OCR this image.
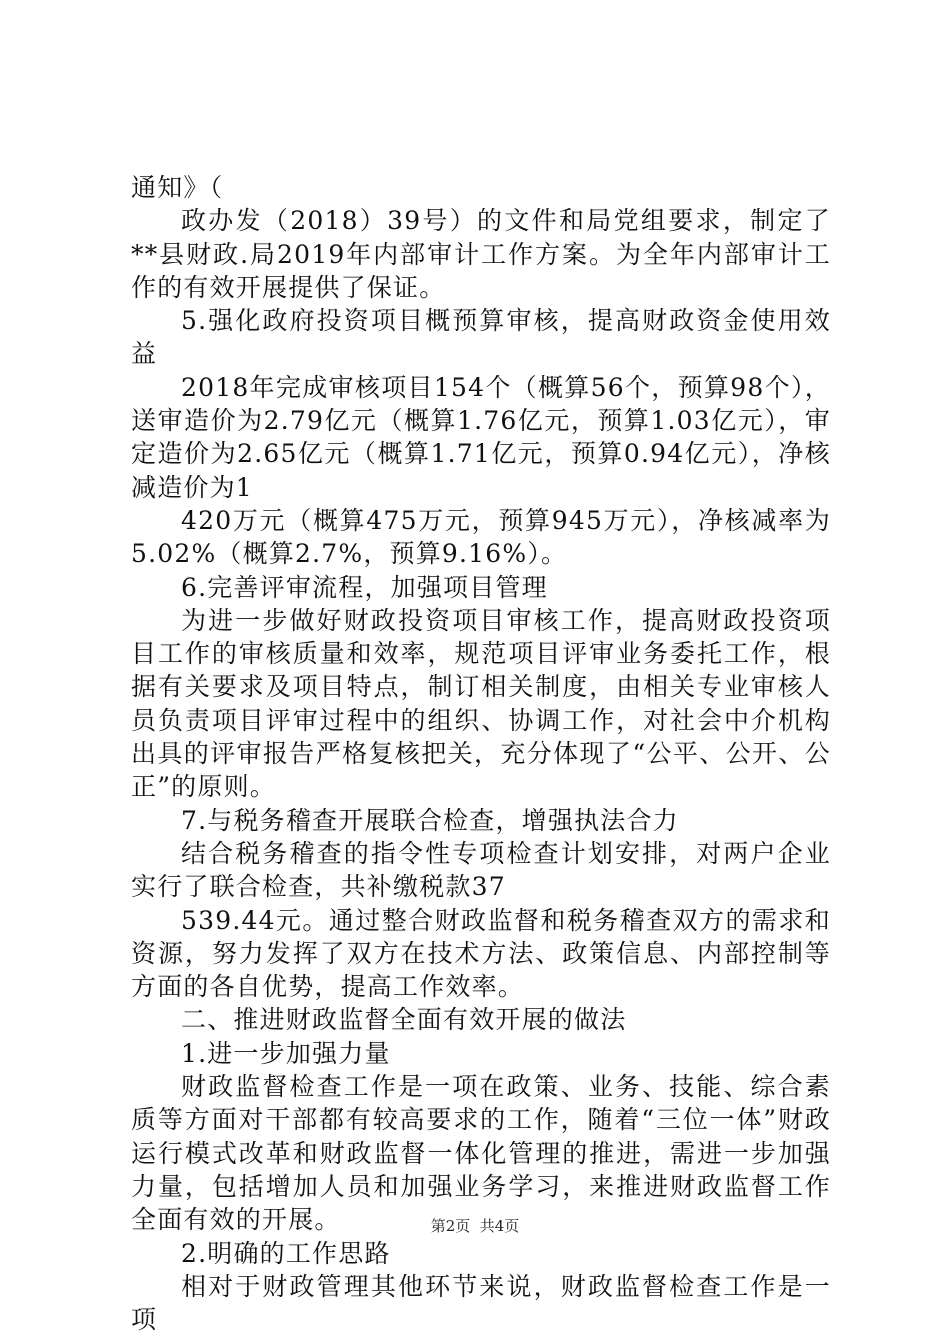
通知》（

政办发（2018）39号）的文件和局党组要求，制定了**县财政.局2019年内部审计工作方案。为全年内部审计工作的有效开展提供了保证。

5.强化政府投资项目概预算审核，提高财政资金使用效益

2018年完成审核项目154个（概算56个，预算98个），送审造价为2.79亿元（概算1.76亿元，预算1.03亿元），审定造价为2.65亿元（概算1.71亿元，预算0.94亿元），净核减造价为1

420万元（概算475万元，预算945万元），净核减率为5.02%（概算2.7%，预算9.16%）。

6.完善评审流程，加强项目管理

为进一步做好财政投资项目审核工作，提高财政投资项目工作的审核质量和效率，规范项目评审业务委托工作，根据有关要求及项目特点，制订相关制度，由相关专业审核人员负责项目评审过程中的组织、协调工作，对社会中介机构出具的评审报告严格复核把关，充分体现了“公平、公开、公正”的原则。

7.与税务稽查开展联合检查，增强执法合力

结合税务稽查的指令性专项检查计划安排，对两户企业实行了联合检查，共补缴税款37

539.44元。通过整合财政监督和税务稽查双方的需求和资源，努力发挥了双方在技术方法、政策信息、内部控制等方面的各自优势，提高工作效率。

二、推进财政监督全面有效开展的做法

1.进一步加强力量

财政监督检查工作是一项在政策、业务、技能、综合素质等方面对干部都有较高要求的工作，随着“三位一体”财政运行模式改革和财政监督一体化管理的推进，需进一步加强力量，包括增加人员和加强业务学习，来推进财政监督工作全面有效的开展。

2.明确的工作思路

相对于财政管理其他环节来说，财政监督检查工作是一项

第2页  共4页
